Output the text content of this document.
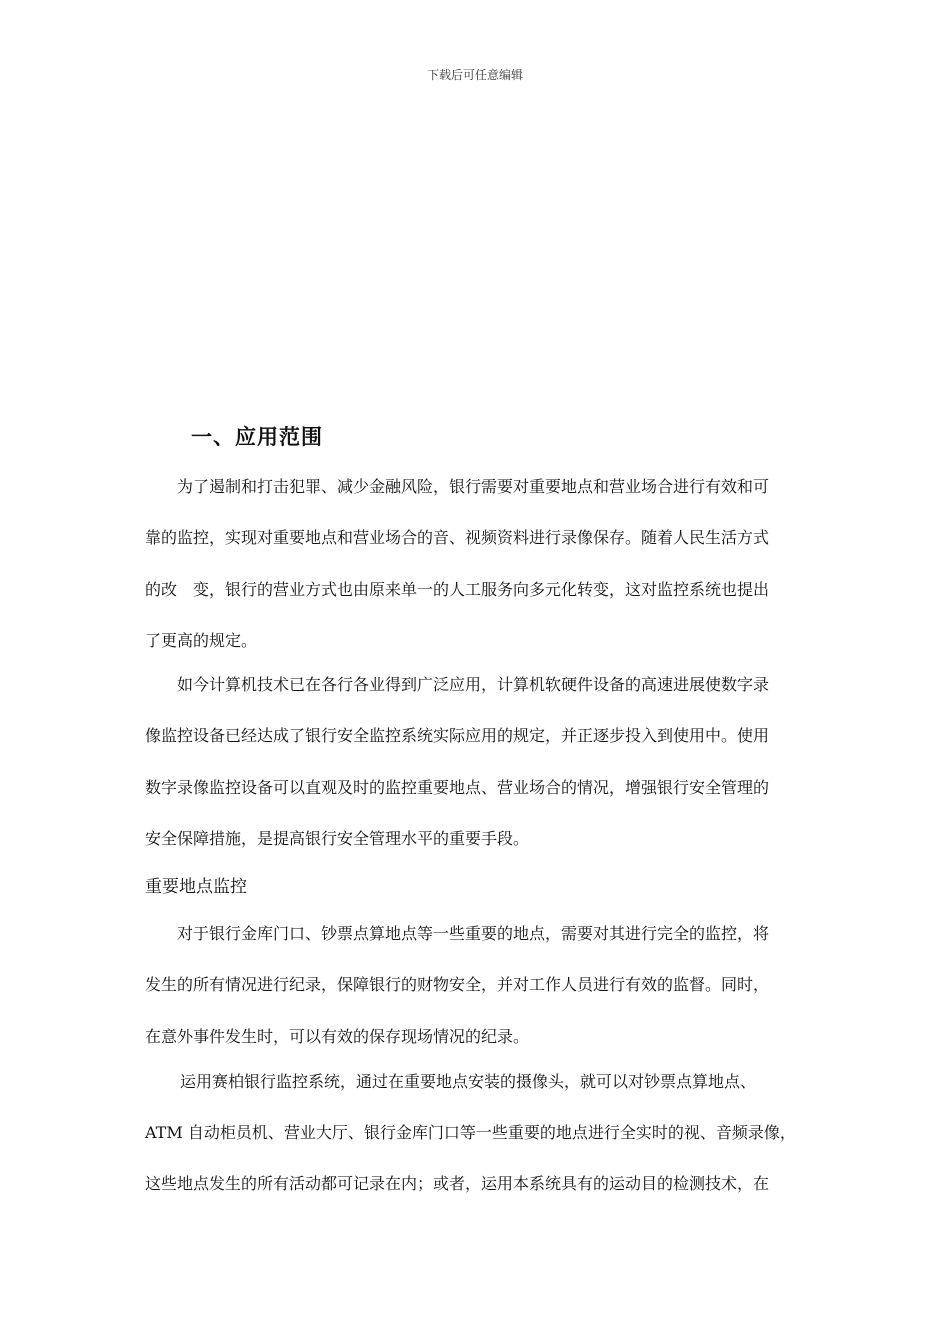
下载后可任意编辑
一、应用范围
为了遏制和打击犯罪、减少金融风险，银行需要对重要地点和营业场合进行有效和可
靠的监控，实现对重要地点和营业场合的音、视频资料进行录像保存。随着人民生活方式
的改　变，银行的营业方式也由原来单一的人工服务向多元化转变，这对监控系统也提出
了更高的规定。
如今计算机技术已在各行各业得到广泛应用，计算机软硬件设备的高速进展使数字录
像监控设备已经达成了银行安全监控系统实际应用的规定，并正逐步投入到使用中。使用
数字录像监控设备可以直观及时的监控重要地点、营业场合的情况，增强银行安全管理的
安全保障措施，是提高银行安全管理水平的重要手段。
重要地点监控
对于银行金库门口、钞票点算地点等一些重要的地点，需要对其进行完全的监控，将
发生的所有情况进行纪录，保障银行的财物安全，并对工作人员进行有效的监督。同时，
在意外事件发生时，可以有效的保存现场情况的纪录。
运用赛柏银行监控系统，通过在重要地点安装的摄像头，就可以对钞票点算地点、
ATM 自动柜员机、营业大厅、银行金库门口等一些重要的地点进行全实时的视、音频录像，
这些地点发生的所有活动都可记录在内；或者，运用本系统具有的运动目的检测技术，在
